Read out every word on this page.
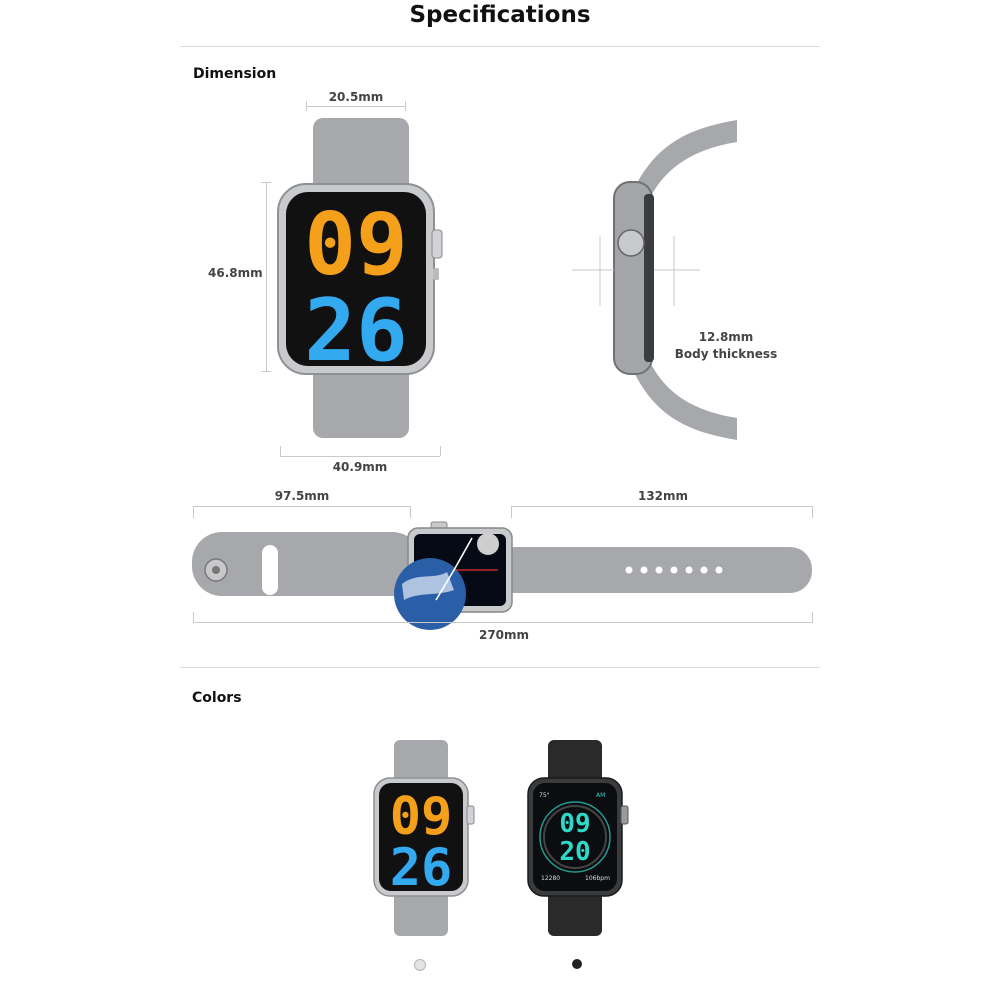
Specifications
Dimension
20.5mm
46.8mm
40.9mm
09
26	12.8mm
Body thickness
97.5mm	132mm
270mm
Colors
09
26
75°	AM
09
20
12280	106bpm
